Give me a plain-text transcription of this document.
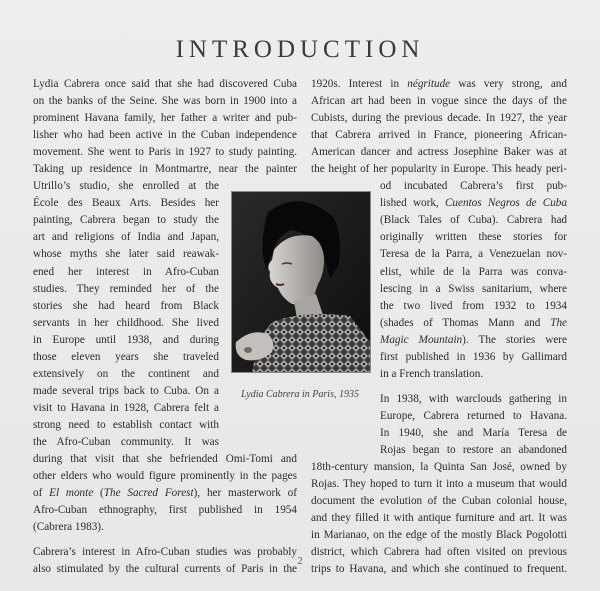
INTRODUCTION

Lydia Cabrera once said that she had discovered Cuba
on the banks of the Seine. She was born in 1900 into a
prominent Havana family, her father a writer and pub-
lisher who had been active in the Cuban independence
movement. She went to Paris in 1927 to study painting.
Taking up residence in Montmartre, near the painter
Utrillo’s studio, she enrolled at the
École des Beaux Arts. Besides her
painting, Cabrera began to study the
art and religions of India and Japan,
whose myths she later said reawak-
ened her interest in Afro-Cuban
studies. They reminded her of the
stories she had heard from Black
servants in her childhood. She lived
in Europe until 1938, and during
those eleven years she traveled
extensively on the continent and
made several trips back to Cuba. On a
visit to Havana in 1928, Cabrera felt a
strong need to establish contact with
the Afro-Cuban community. It was
during that visit that she befriended Omi-Tomi and
other elders who would figure prominently in the pages
of El monte (The Sacred Forest), her masterwork of
Afro-Cuban ethnography, first published in 1954
(Cabrera 1983).

Cabrera’s interest in Afro-Cuban studies was probably
also stimulated by the cultural currents of Paris in the

1920s. Interest in négritude was very strong, and
African art had been in vogue since the days of the
Cubists, during the previous decade. In 1927, the year
that Cabrera arrived in France, pioneering African-
American dancer and actress Josephine Baker was at
the height of her popularity in Europe. This heady peri-
od incubated Cabrera’s first pub-
lished work, Cuentos Negros de Cuba
(Black Tales of Cuba). Cabrera had
originally written these stories for
Teresa de la Parra, a Venezuelan nov-
elist, while de la Parra was conva-
lescing in a Swiss sanitarium, where
the two lived from 1932 to 1934
(shades of Thomas Mann and The
Magic Mountain). The stories were
first published in 1936 by Gallimard
in a French translation.

In 1938, with warclouds gathering in
Europe, Cabrera returned to Havana.
In 1940, she and María Teresa de
Rojas began to restore an abandoned
18th-century mansion, la Quinta San José, owned by
Rojas. They hoped to turn it into a museum that would
document the evolution of the Cuban colonial house,
and they filled it with antique furniture and art. It was
in Marianao, on the edge of the mostly Black Pogolotti
district, which Cabrera had often visited on previous
trips to Havana, and which she continued to frequent.

Lydia Cabrera in Paris, 1935
2
